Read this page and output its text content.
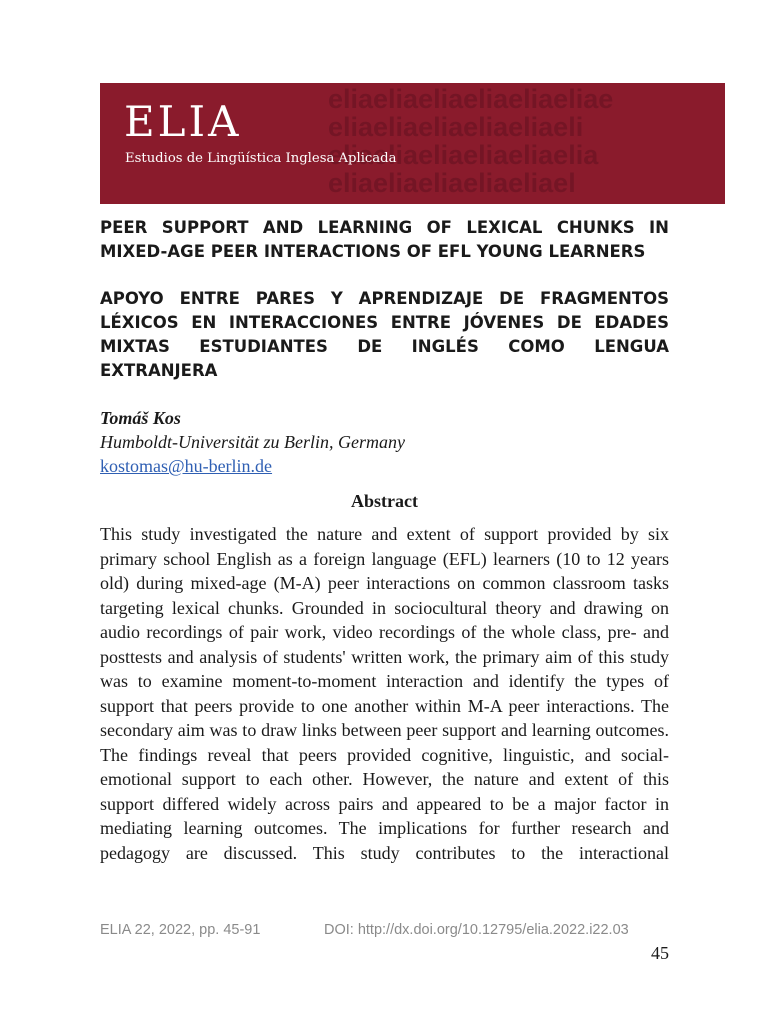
eliaeliaeliaeliaeliaeliae
eliaeliaeliaeliaeliaeli
eliaeliaeliaeliaeliaelia
eliaeliaeliaeliaeliael
ELIA
Estudios de Lingüística Inglesa Aplicada
PEER SUPPORT AND LEARNING OF LEXICAL CHUNKS IN MIXED-AGE PEER INTERACTIONS OF EFL YOUNG LEARNERS
APOYO ENTRE PARES Y APRENDIZAJE DE FRAGMENTOS LÉXICOS EN INTERACCIONES ENTRE JÓVENES DE EDADES MIXTAS ESTUDIANTES DE INGLÉS COMO LENGUA EXTRANJERA
Tomáš Kos
Humboldt-Universität zu Berlin, Germany
kostomas@hu-berlin.de
Abstract
This study investigated the nature and extent of support provided by six primary school English as a foreign language (EFL) learners (10 to 12 years old) during mixed-age (M-A) peer interactions on common classroom tasks targeting lexical chunks. Grounded in sociocultural theory and drawing on audio recordings of pair work, video recordings of the whole class, pre- and posttests and analysis of students' written work, the primary aim of this study was to examine moment-to-moment interaction and identify the types of support that peers provide to one another within M-A peer interactions. The secondary aim was to draw links between peer support and learning outcomes. The findings reveal that peers provided cognitive, linguistic, and social-emotional support to each other. However, the nature and extent of this support differed widely across pairs and appeared to be a major factor in mediating learning outcomes. The implications for further research and pedagogy are discussed. This study contributes to the interactional
ELIA 22, 2022, pp. 45-91	DOI: http://dx.doi.org/10.12795/elia.2022.i22.03
45
